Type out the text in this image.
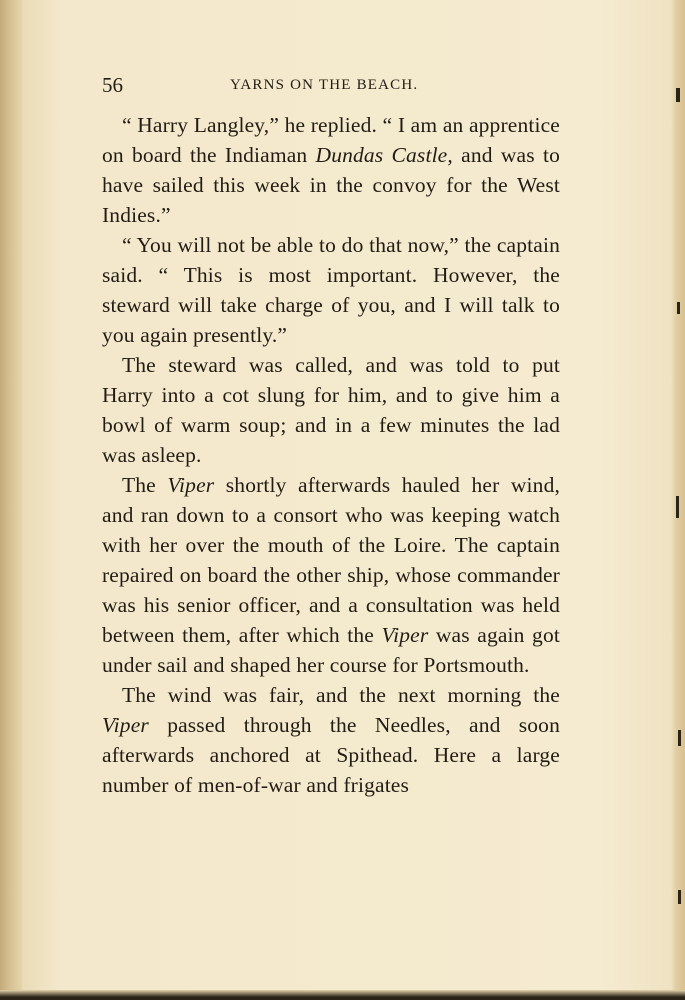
56	YARNS ON THE BEACH.

“ Harry Langley,” he replied. “ I am an apprentice on board the Indiaman Dundas Castle, and was to have sailed this week in the convoy for the West Indies.”

“ You will not be able to do that now,” the captain said. “ This is most important. However, the steward will take charge of you, and I will talk to you again presently.”

The steward was called, and was told to put Harry into a cot slung for him, and to give him a bowl of warm soup; and in a few minutes the lad was asleep.

The Viper shortly afterwards hauled her wind, and ran down to a consort who was keeping watch with her over the mouth of the Loire. The captain repaired on board the other ship, whose commander was his senior officer, and a consultation was held between them, after which the Viper was again got under sail and shaped her course for Portsmouth.

The wind was fair, and the next morning the Viper passed through the Needles, and soon afterwards anchored at Spithead. Here a large number of men-of-war and frigates
